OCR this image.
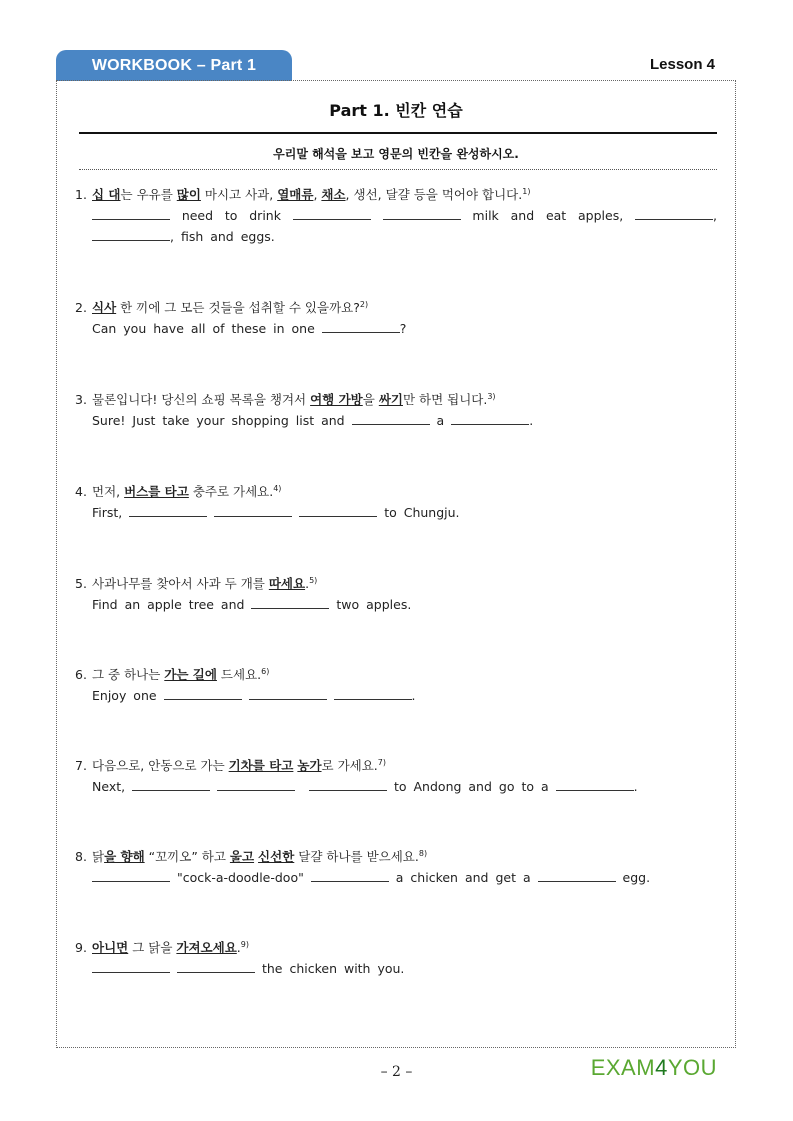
WORKBOOK – Part 1	Lesson 4
Part 1. 빈칸 연습
우리말 해석을 보고 영문의 빈칸을 완성하시오.
1. 십 대는 우유를 많이 마시고 사과, 열매류, 채소, 생선, 달걀 등을 먹어야 합니다.$^{1)}$
need to drink	milk and eat apples,	, , fish and eggs.
2. 식사 한 끼에 그 모든 것들을 섭취할 수 있을까요?$^{2)}$
Can you have all of these in one	?
3. 물론입니다! 당신의 쇼핑 목록을 챙겨서 여행 가방을 싸기만 하면 됩니다.$^{3)}$
Sure! Just take your shopping list and	a	.
4. 먼저, 버스를 타고 충주로 가세요.$^{4)}$
First,	to Chungju.
5. 사과나무를 찾아서 사과 두 개를 따세요.$^{5)}$
Find an apple tree and	two apples.
6. 그 중 하나는 가는 길에 드세요.$^{6)}$
Enjoy one	.
7. 다음으로, 안동으로 가는 기차를 타고 농가로 가세요.$^{7)}$
Next,	to Andong and go to a	.
8. 닭을 향해 “꼬끼오” 하고 울고 신선한 달걀 하나를 받으세요.$^{8)}$
"cock-a-doodle-doo"	a chicken and get a	egg.
9. 아니면 그 닭을 가져오세요.$^{9)}$
the chicken with you.
– 2 –	EXAM4YOU
